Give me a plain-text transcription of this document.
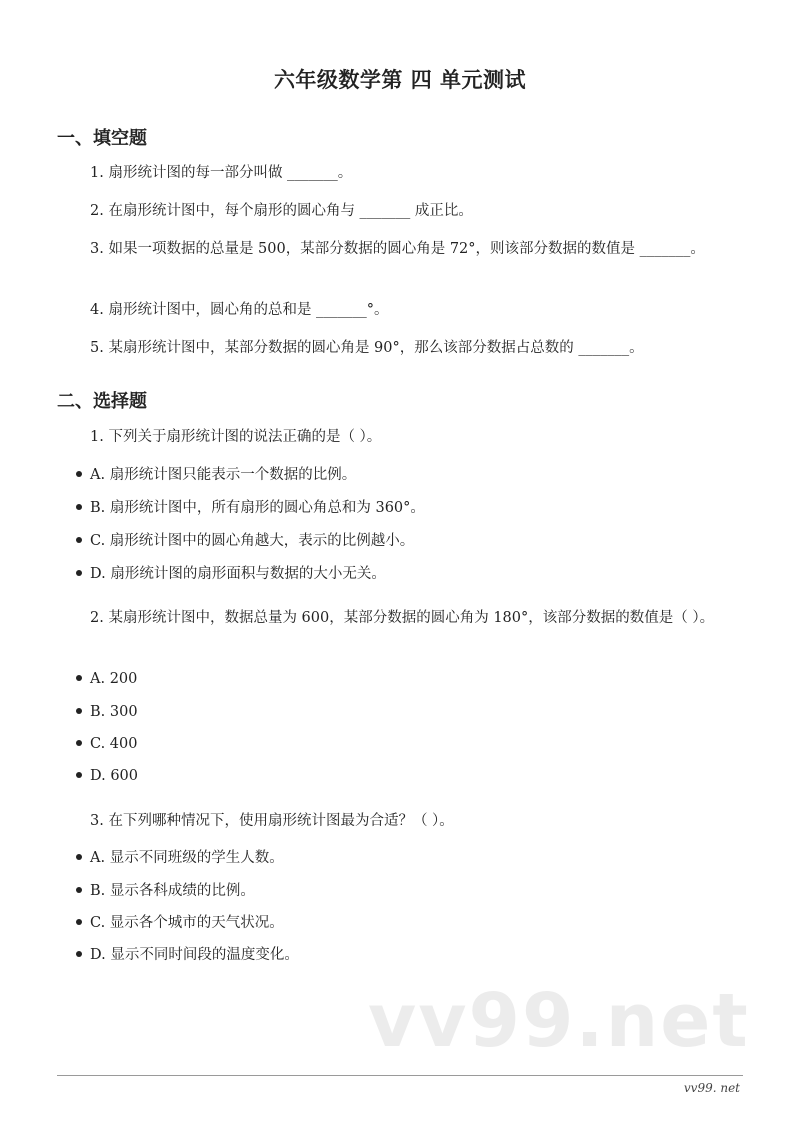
六年级数学第 四 单元测试
一、填空题
1. 扇形统计图的每一部分叫做 _______。
2. 在扇形统计图中，每个扇形的圆心角与 _______ 成正比。
3. 如果一项数据的总量是 500，某部分数据的圆心角是 72°，则该部分数据的数值是 _______。
4. 扇形统计图中，圆心角的总和是 _______°。
5. 某扇形统计图中，某部分数据的圆心角是 90°，那么该部分数据占总数的 _______。
二、选择题
1. 下列关于扇形统计图的说法正确的是（ ）。
A. 扇形统计图只能表示一个数据的比例。
B. 扇形统计图中，所有扇形的圆心角总和为 360°。
C. 扇形统计图中的圆心角越大，表示的比例越小。
D. 扇形统计图的扇形面积与数据的大小无关。
2. 某扇形统计图中，数据总量为 600，某部分数据的圆心角为 180°，该部分数据的数值是（ ）。
A. 200
B. 300
C. 400
D. 600
3. 在下列哪种情况下，使用扇形统计图最为合适？（ ）。
A. 显示不同班级的学生人数。
B. 显示各科成绩的比例。
C. 显示各个城市的天气状况。
D. 显示不同时间段的温度变化。
vv99.net
vv99. net
